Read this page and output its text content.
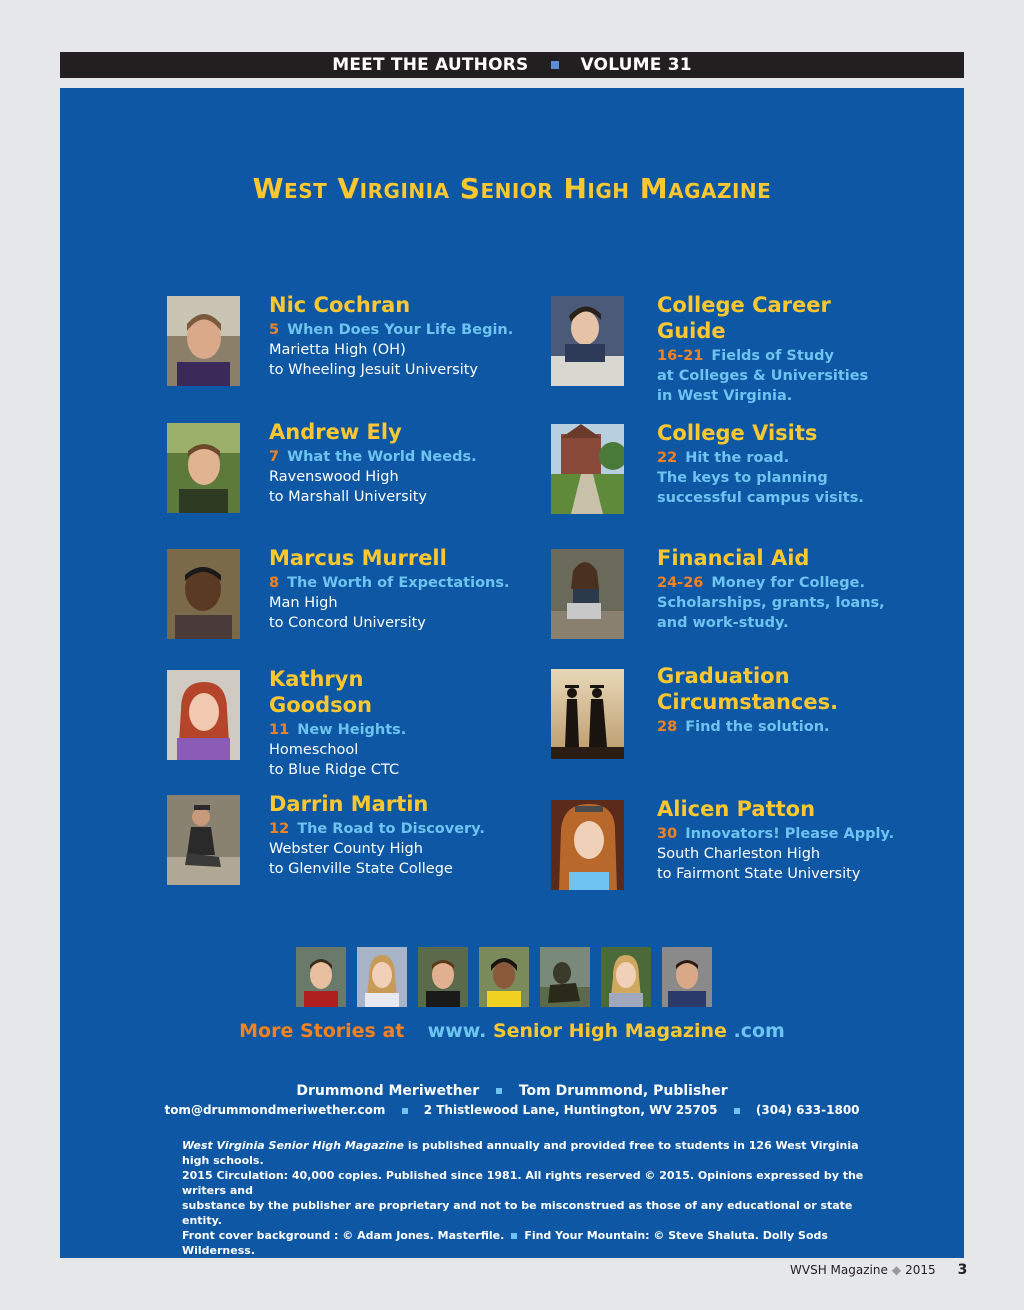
MEET THE AUTHORS	VOLUME 31
West Virginia Senior High Magazine
Nic Cochran
5 When Does Your Life Begin.
Marietta High (OH)
to Wheeling Jesuit University
Andrew Ely
7 What the World Needs.
Ravenswood High
to Marshall University
Marcus Murrell
8 The Worth of Expectations.
Man High
to Concord University
Kathryn Goodson
11 New Heights.
Homeschool
to Blue Ridge CTC
Darrin Martin
12 The Road to Discovery.
Webster County High
to Glenville State College
College Career Guide
16-21 Fields of Study
at Colleges & Universities
in West Virginia.
College Visits
22 Hit the road.
The keys to planning
successful campus visits.
Financial Aid
24-26 Money for College.
Scholarships, grants, loans,
and work-study.
Graduation
Circumstances.
28 Find the solution.
Alicen Patton
30 Innovators! Please Apply.
South Charleston High
to Fairmont State University
More Stories at www. Senior High Magazine .com
Drummond Meriwether	Tom Drummond, Publisher
tom@drummondmeriwether.com	2 Thistlewood Lane, Huntington, WV 25705	(304) 633-1800
West Virginia Senior High Magazine is published annually and provided free to students in 126 West Virginia high schools.
2015 Circulation: 40,000 copies. Published since 1981. All rights reserved © 2015. Opinions expressed by the writers and
substance by the publisher are proprietary and not to be misconstrued as those of any educational or state entity.
Front cover background : © Adam Jones. Masterfile. Find Your Mountain: © Steve Shaluta. Dolly Sods Wilderness.
WVSH Magazine ◆ 2015 3
